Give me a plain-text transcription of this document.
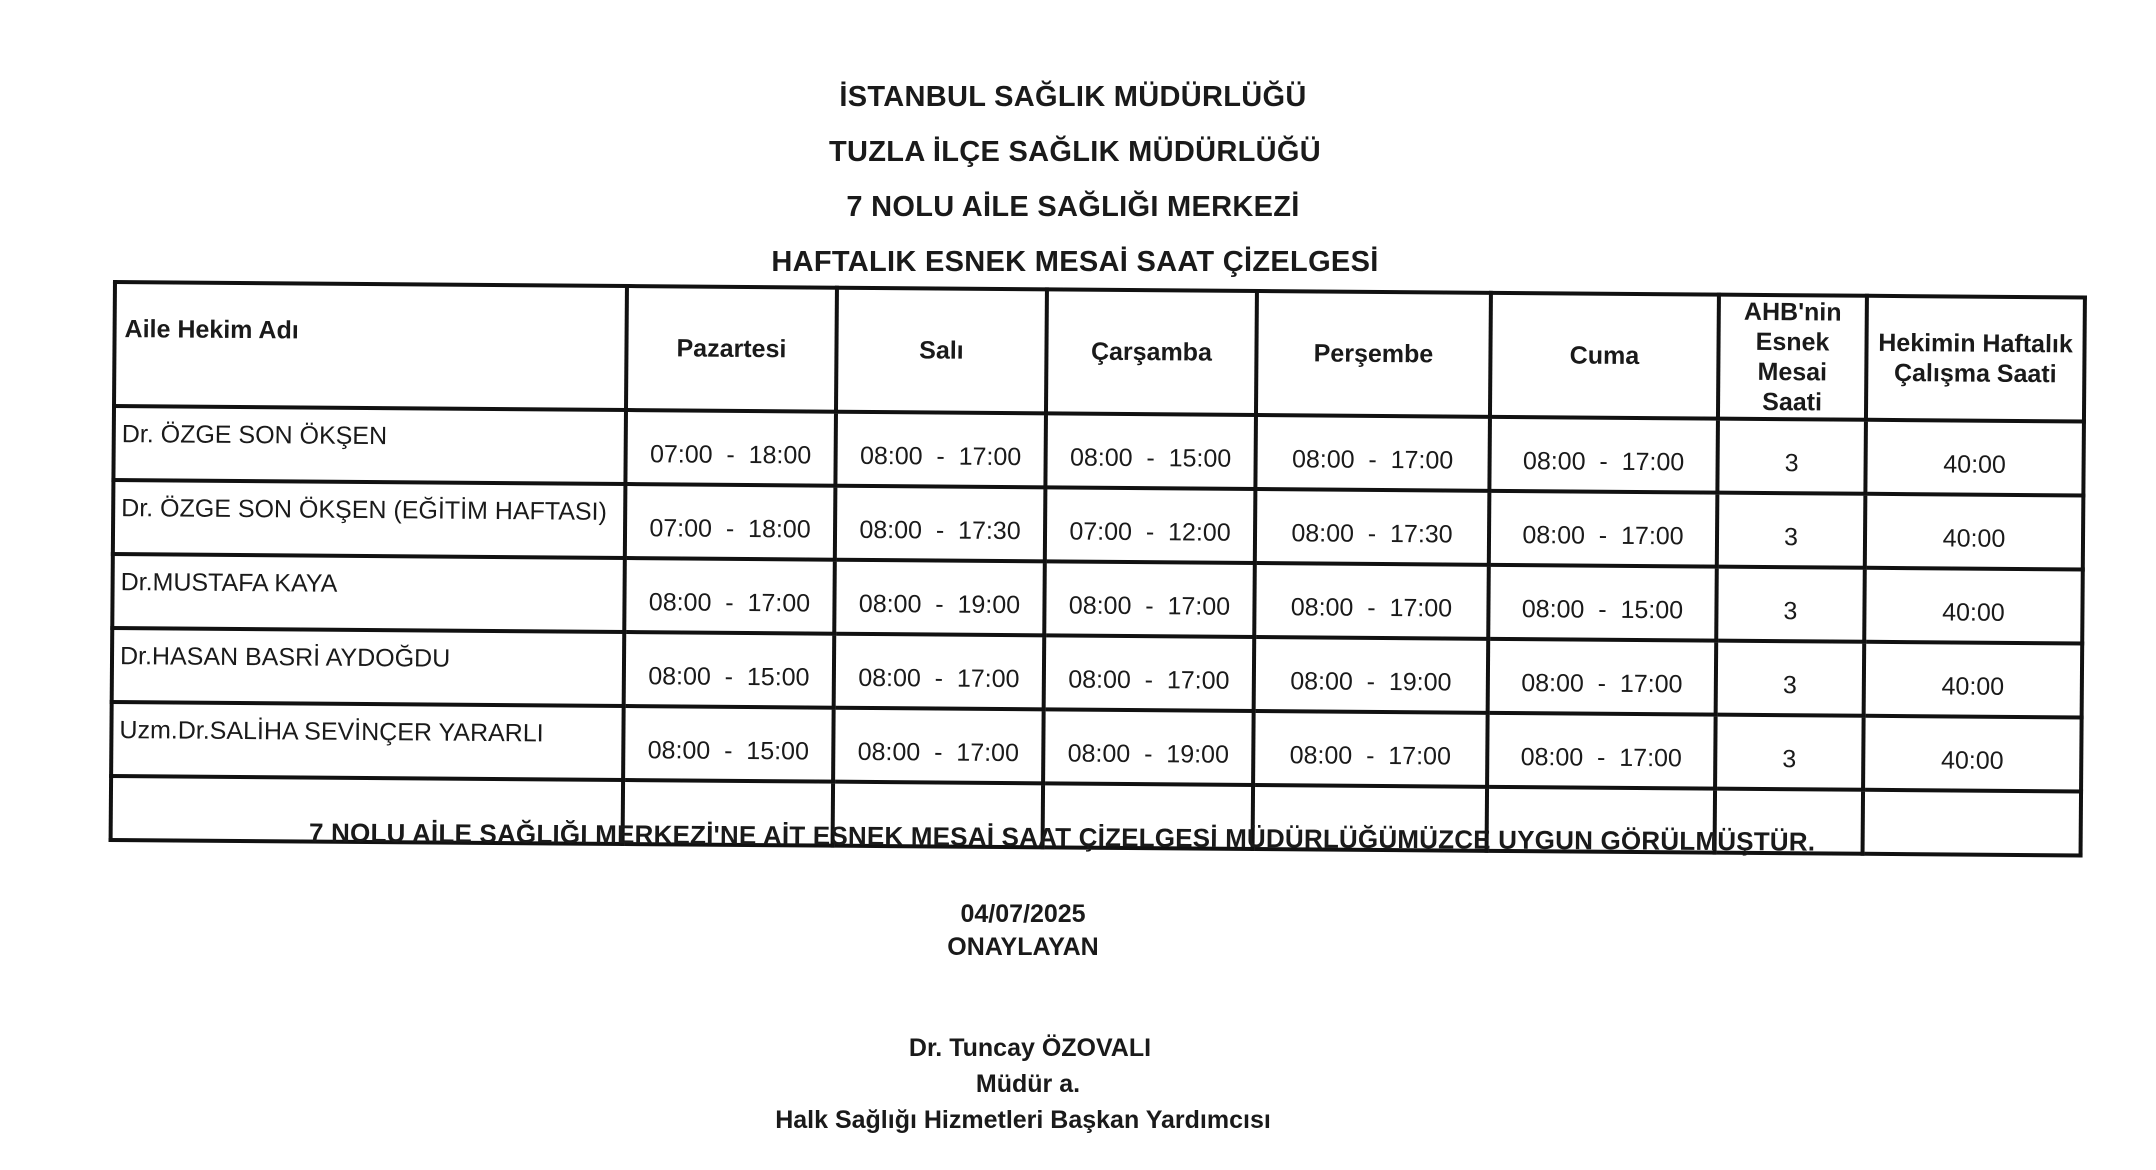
İSTANBUL SAĞLIK MÜDÜRLÜĞÜ
TUZLA İLÇE SAĞLIK MÜDÜRLÜĞÜ
7 NOLU AİLE SAĞLIĞI MERKEZİ
HAFTALIK ESNEK MESAİ SAAT ÇİZELGESİ
Aile Hekim Adı	Pazartesi	Salı	Çarşamba	Perşembe	Cuma	AHB'nin Esnek Mesai Saati	Hekimin Haftalık Çalışma Saati
Dr. ÖZGE SON ÖKŞEN	07:00  -  18:00	08:00  -  17:00	08:00  -  15:00	08:00  -  17:00	08:00  -  17:00	3	40:00
Dr. ÖZGE SON ÖKŞEN (EĞİTİM HAFTASI)	07:00  -  18:00	08:00  -  17:30	07:00  -  12:00	08:00  -  17:30	08:00  -  17:00	3	40:00
Dr.MUSTAFA KAYA	08:00  -  17:00	08:00  -  19:00	08:00  -  17:00	08:00  -  17:00	08:00  -  15:00	3	40:00
Dr.HASAN BASRİ AYDOĞDU	08:00  -  15:00	08:00  -  17:00	08:00  -  17:00	08:00  -  19:00	08:00  -  17:00	3	40:00
Uzm.Dr.SALİHA SEVİNÇER YARARLI	08:00  -  15:00	08:00  -  17:00	08:00  -  19:00	08:00  -  17:00	08:00  -  17:00	3	40:00

7 NOLU AİLE SAĞLIĞI MERKEZİ'NE AİT ESNEK MESAİ SAAT ÇİZELGESİ MÜDÜRLÜĞÜMÜZCE UYGUN GÖRÜLMÜŞTÜR.
04/07/2025
ONAYLAYAN
Dr. Tuncay ÖZOVALI
Müdür a.
Halk Sağlığı Hizmetleri Başkan Yardımcısı
